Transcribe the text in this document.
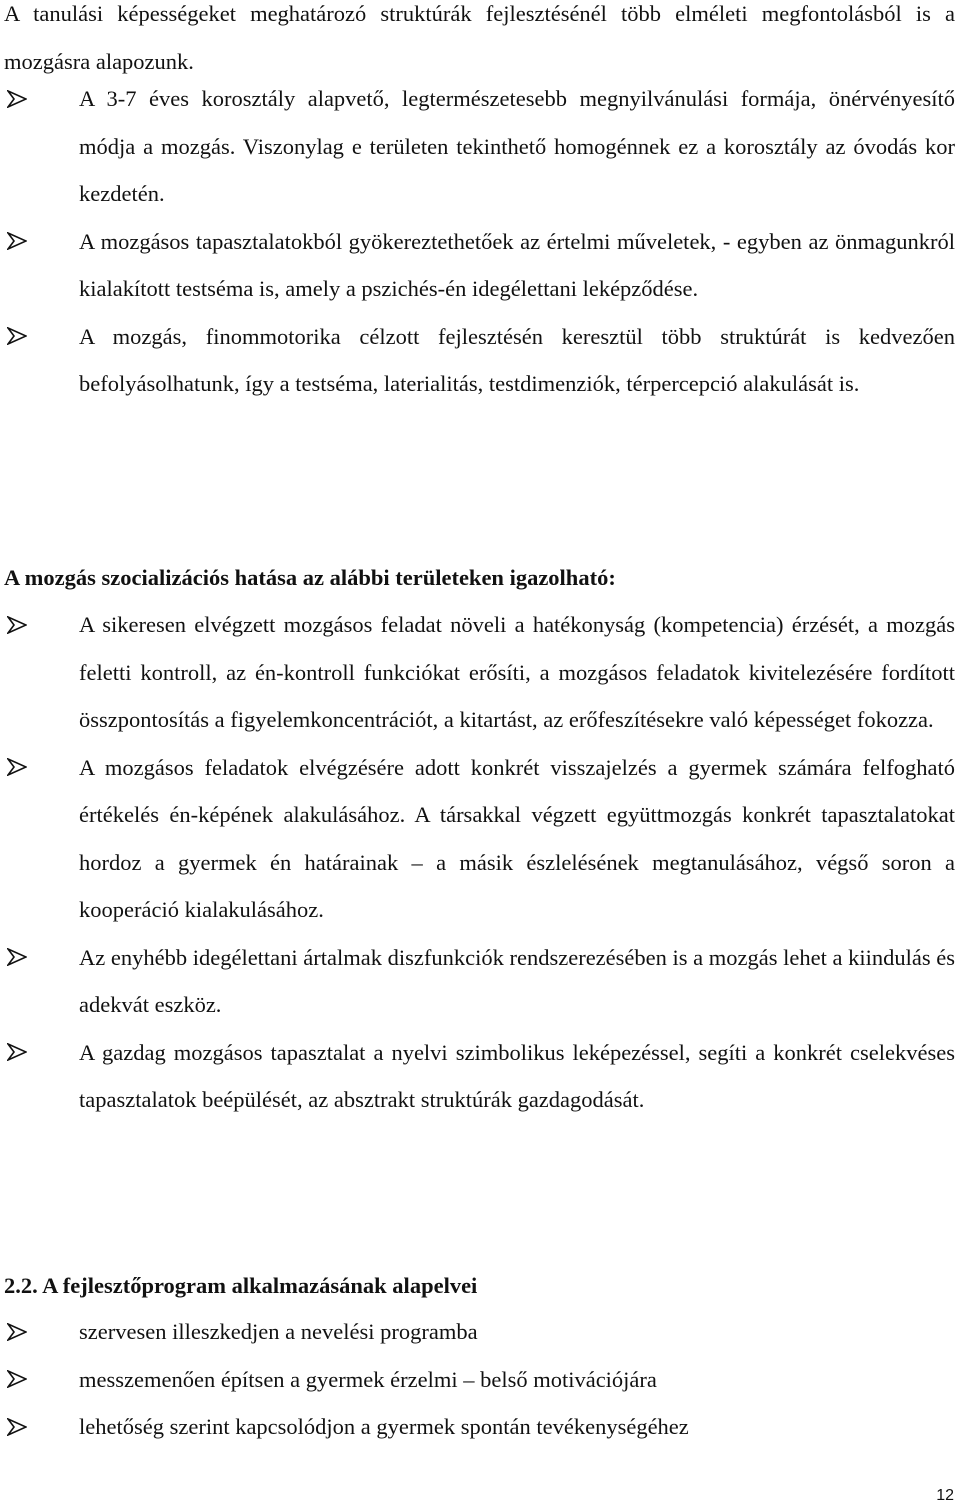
A tanulási képességeket meghatározó struktúrák fejlesztésénél több elméleti megfontolásból is a mozgásra alapozunk.

A 3-7 éves korosztály alapvető, legtermészetesebb megnyilvánulási formája, önérvényesítő módja a mozgás. Viszonylag e területen tekinthető homogénnek ez a korosztály az óvodás kor kezdetén.
A mozgásos tapasztalatokból gyökereztethetőek az értelmi műveletek, - egyben az önmagunkról kialakított testséma is, amely a pszichés-én idegélettani leképződése.
A mozgás, finommotorika célzott fejlesztésén keresztül több struktúrát is kedvezően befolyásolhatunk, így a testséma, laterialitás, testdimenziók, térpercepció alakulását is.
A mozgás szocializációs hatása az alábbi területeken igazolható:
A sikeresen elvégzett mozgásos feladat növeli a hatékonyság (kompetencia) érzését, a mozgás feletti kontroll, az én-kontroll funkciókat erősíti, a mozgásos feladatok kivitelezésére fordított összpontosítás a figyelemkoncentrációt, a kitartást, az erőfeszítésekre való képességet fokozza.
A mozgásos feladatok elvégzésére adott konkrét visszajelzés a gyermek számára felfogható értékelés én-képének alakulásához. A társakkal végzett együttmozgás konkrét tapasztalatokat hordoz a gyermek én határainak – a másik észlelésének megtanulásához, végső soron a kooperáció kialakulásához.
Az enyhébb idegélettani ártalmak diszfunkciók rendszerezésében is a mozgás lehet a kiindulás és adekvát eszköz.
A gazdag mozgásos tapasztalat a nyelvi szimbolikus leképezéssel, segíti a konkrét cselekvéses tapasztalatok beépülését, az absztrakt struktúrák gazdagodását.
2.2. A fejlesztőprogram alkalmazásának alapelvei
szervesen illeszkedjen a nevelési programba
messzemenően építsen a gyermek érzelmi – belső motivációjára
lehetőség szerint kapcsolódjon a gyermek spontán tevékenységéhez
12
